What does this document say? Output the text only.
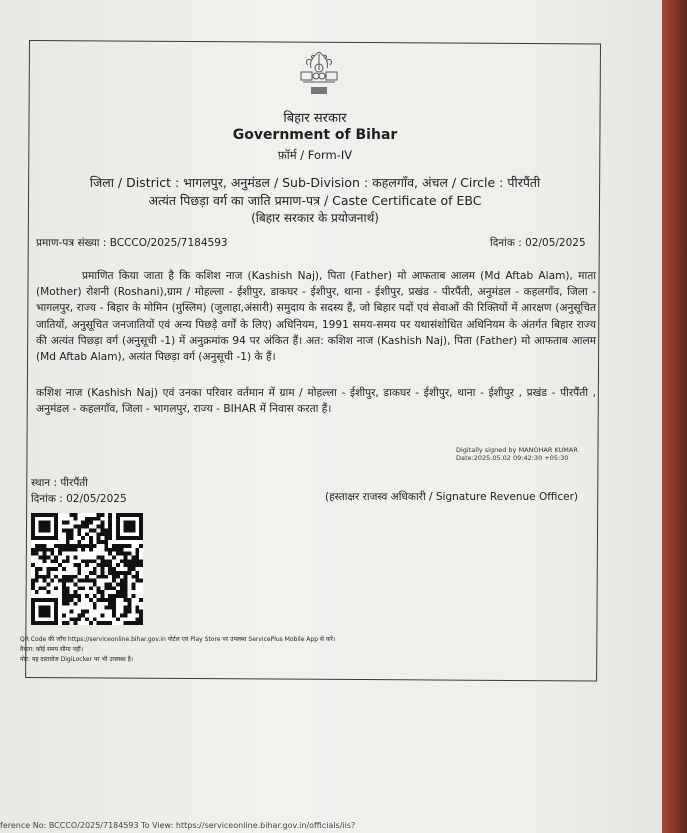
बिहार सरकार
Government of Bihar
फ़ॉर्म / Form-IV
जिला / District : भागलपुर, अनुमंडल / Sub-Division : कहलगाँव, अंचल / Circle : पीरपैंती
अत्यंत पिछड़ा वर्ग का जाति प्रमाण-पत्र / Caste Certificate of EBC
(बिहार सरकार के प्रयोजनार्थ)
प्रमाण-पत्र संख्या : BCCCO/2025/7184593	दिनांक : 02/05/2025
प्रमाणित किया जाता है कि कशिश नाज (Kashish Naj), पिता (Father) मो आफताब आलम (Md Aftab Alam), माता (Mother) रोशनी (Roshani),ग्राम / मोहल्ला - ईशीपुर, डाकघर - ईशीपुर, थाना - ईशीपुर, प्रखंड - पीरपैंती, अनुमंडल - कहलगाँव, जिला - भागलपुर, राज्य - बिहार के मोमिन (मुस्लिम) (जुलाहा,अंसारी) समुदाय के सदस्य हैं, जो बिहार पदों एवं सेवाओं की रिक्तियों में आरक्षण (अनुसूचित जातियों, अनुसूचित जनजातियों एवं अन्य पिछड़े वर्गों के लिए) अधिनियम, 1991 समय-समय पर यथासंशोधित अधिनियम के अंतर्गत बिहार राज्य की अत्यंत पिछड़ा वर्ग (अनुसूची -1) में अनुक्रमांक 94 पर अंकित हैं। अत: कशिश नाज (Kashish Naj), पिता (Father) मो आफताब आलम (Md Aftab Alam), अत्यंत पिछड़ा वर्ग (अनुसूची -1) के हैं।
कशिश नाज (Kashish Naj) एवं उनका परिवार वर्तमान में ग्राम / मोहल्ला - ईशीपुर, डाकघर - ईशीपुर, थाना - ईशीपुर , प्रखंड - पीरपैंती , अनुमंडल - कहलगाँव, जिला - भागलपुर, राज्य - BIHAR में निवास करता हैं।
Digitally signed by MANOHAR KUMAR
Date:2025.05.02 09:42:30 +05:30
स्थान : पीरपैंती
दिनांक : 02/05/2025	(हस्ताक्षर राजस्व अधिकारी / Signature Revenue Officer)
QR Code की जाँच https://serviceonline.bihar.gov.in पोर्टल एवं Play Store पर उपलब्ध ServicePlus Mobile App से करें।
वैधता: कोई समय सीमा नहीं।
नोट: यह दस्तावेज DigiLocker पर भी उपलब्ध है।
ference No: BCCCO/2025/7184593 To View: https://serviceonline.bihar.gov.in/officials/iis?
